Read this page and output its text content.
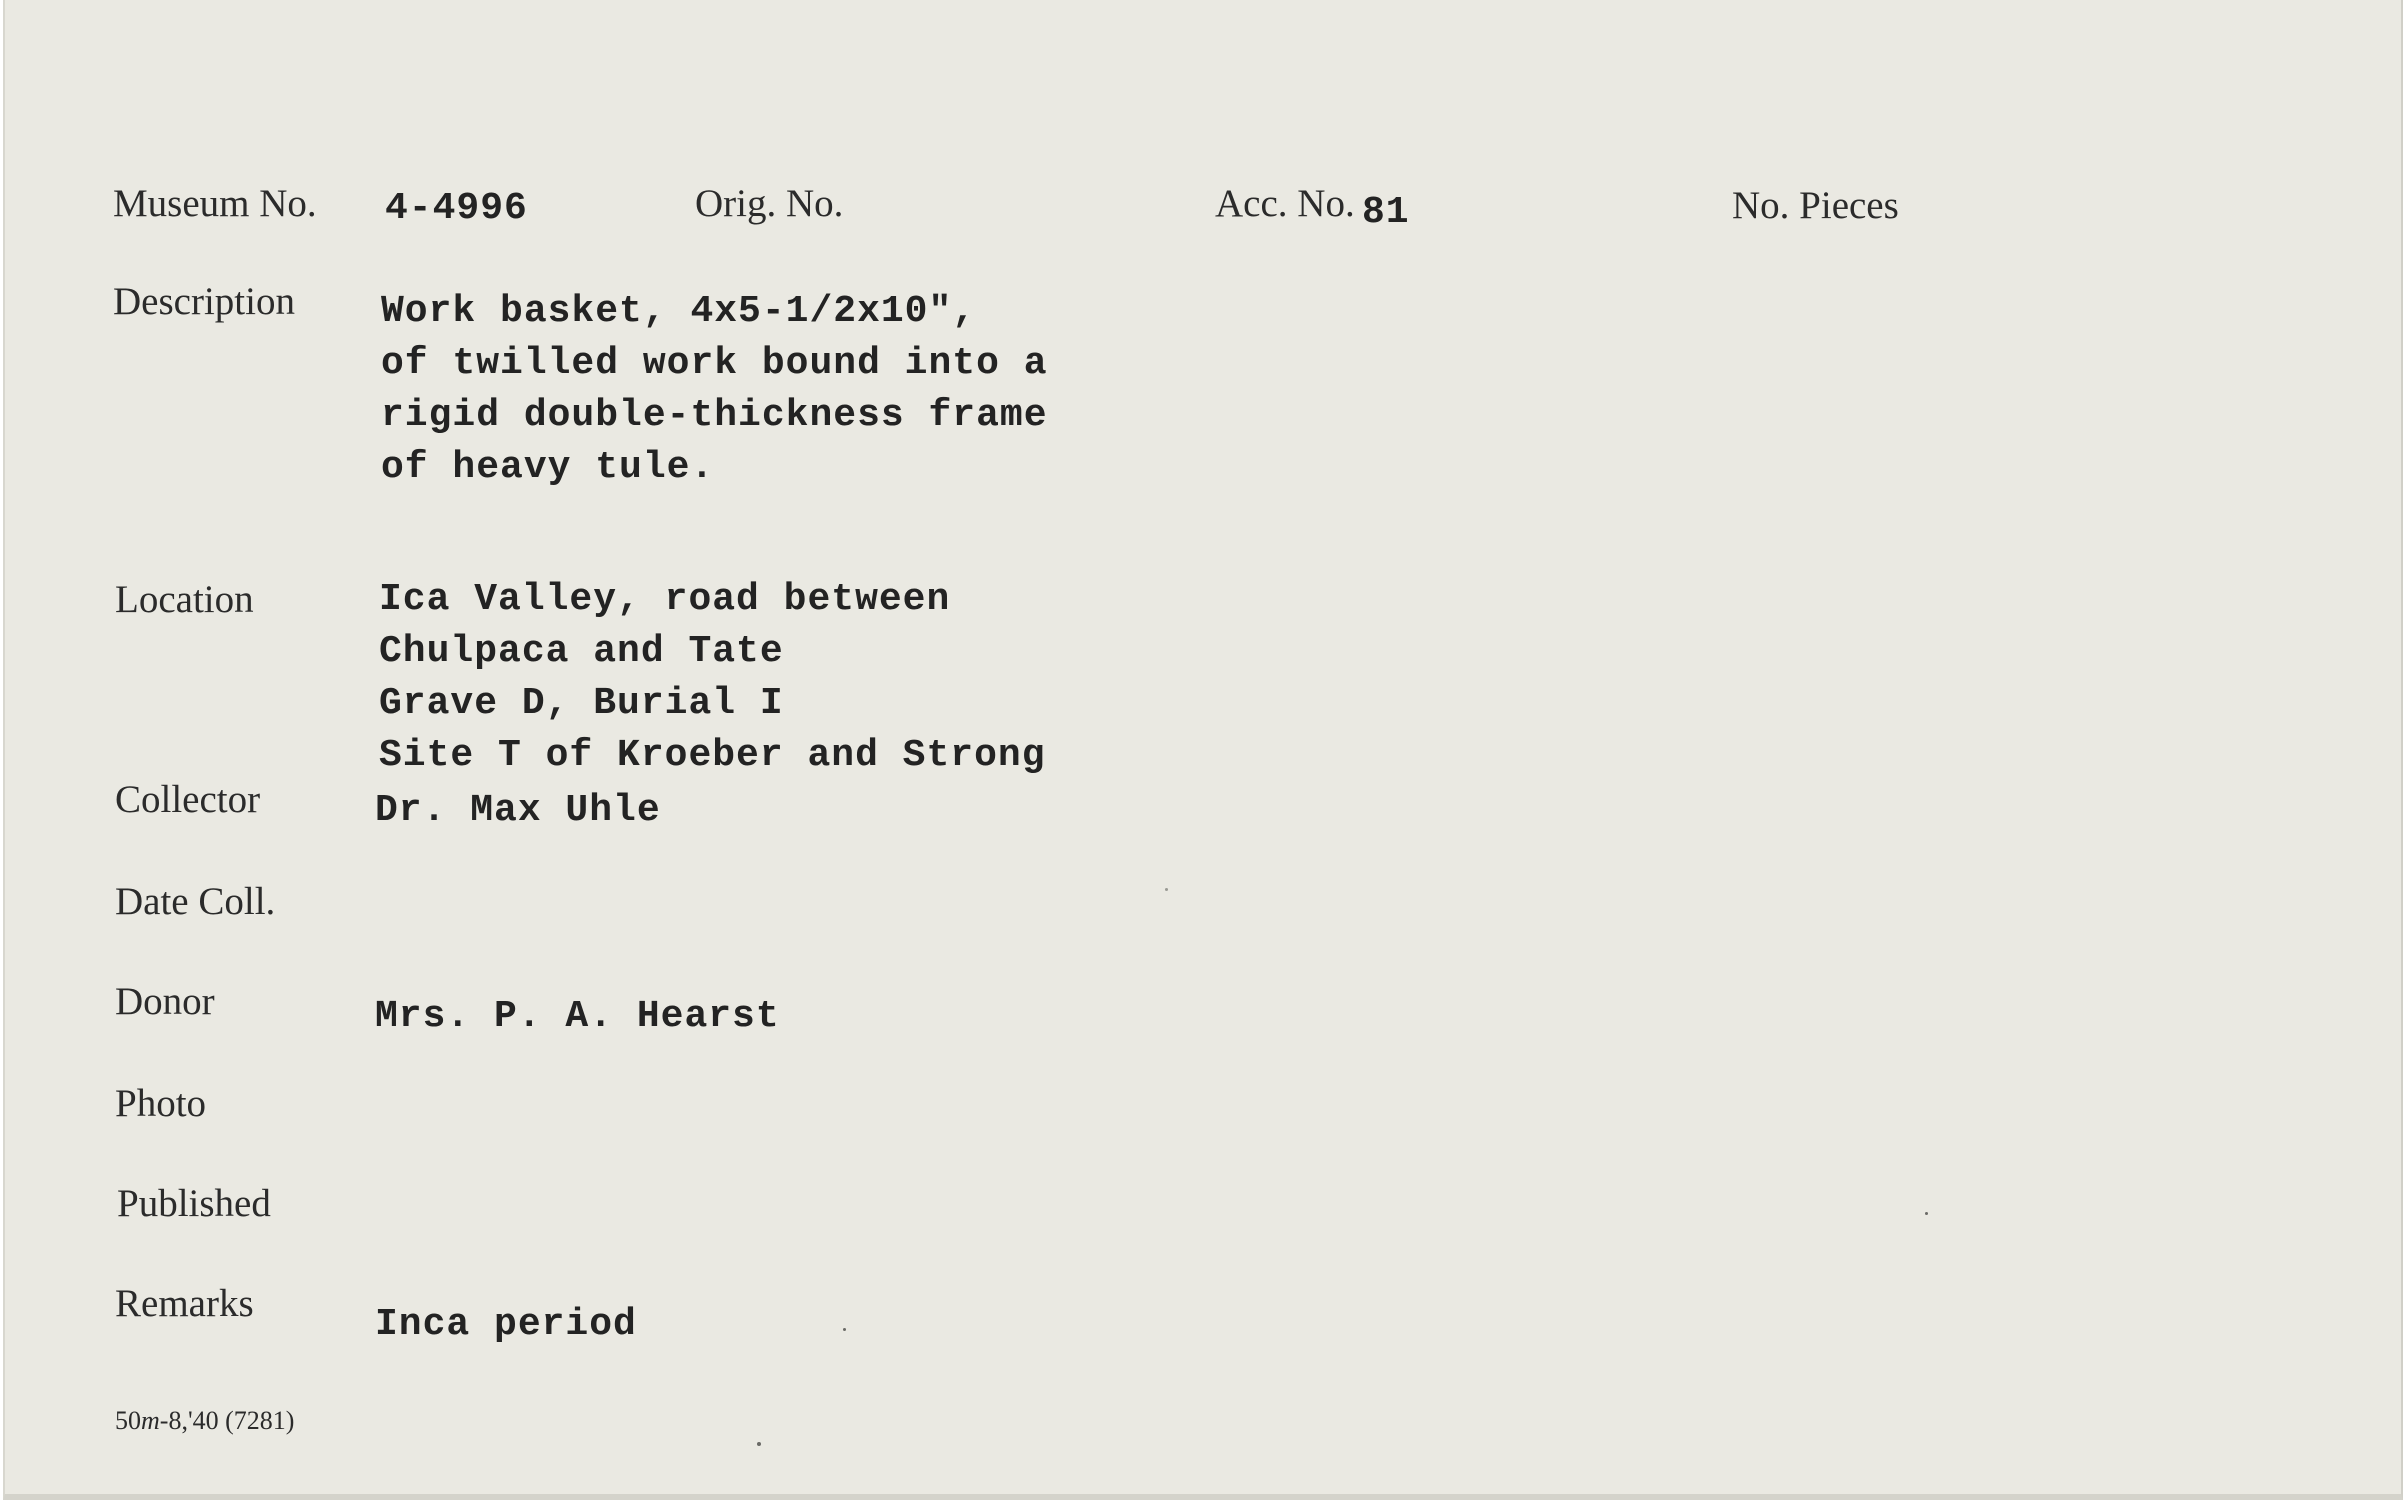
Museum No. 4-4996	Orig. No.	Acc. No. 81	No. Pieces
Description Work basket, 4x5-1/2x10",
of twilled work bound into a
rigid double-thickness frame
of heavy tule.
Location	Ica Valley, road between
Chulpaca and Tate
Grave D, Burial I
Site T of Kroeber and Strong
Collector	Dr. Max Uhle
Date Coll.
Donor	Mrs. P. A. Hearst
Photo
Published
Remarks	Inca period
50m-8,'40 (7281)
